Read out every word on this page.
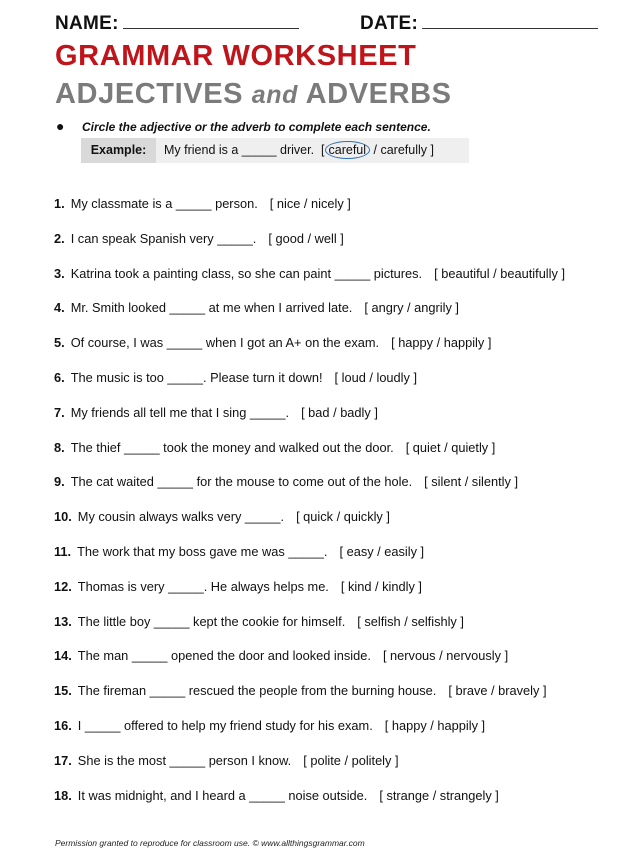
NAME:	DATE:
GRAMMAR WORKSHEET
ADJECTIVES and ADVERBS
● Circle the adjective or the adverb to complete each sentence.
Example:	My friend is a _____ driver. [ careful / carefully ]
1. My classmate is a _____ person. [ nice / nicely ]
2. I can speak Spanish very _____. [ good / well ]
3. Katrina took a painting class, so she can paint _____ pictures. [ beautiful / beautifully ]
4. Mr. Smith looked _____ at me when I arrived late. [ angry / angrily ]
5. Of course, I was _____ when I got an A+ on the exam. [ happy / happily ]
6. The music is too _____. Please turn it down! [ loud / loudly ]
7. My friends all tell me that I sing _____. [ bad / badly ]
8. The thief _____ took the money and walked out the door. [ quiet / quietly ]
9. The cat waited _____ for the mouse to come out of the hole. [ silent / silently ]
10. My cousin always walks very _____. [ quick / quickly ]
11. The work that my boss gave me was _____. [ easy / easily ]
12. Thomas is very _____. He always helps me. [ kind / kindly ]
13. The little boy _____ kept the cookie for himself. [ selfish / selfishly ]
14. The man _____ opened the door and looked inside. [ nervous / nervously ]
15. The fireman _____ rescued the people from the burning house. [ brave / bravely ]
16. I _____ offered to help my friend study for his exam. [ happy / happily ]
17. She is the most _____ person I know. [ polite / politely ]
18. It was midnight, and I heard a _____ noise outside. [ strange / strangely ]
Permission granted to reproduce for classroom use. © www.allthingsgrammar.com
